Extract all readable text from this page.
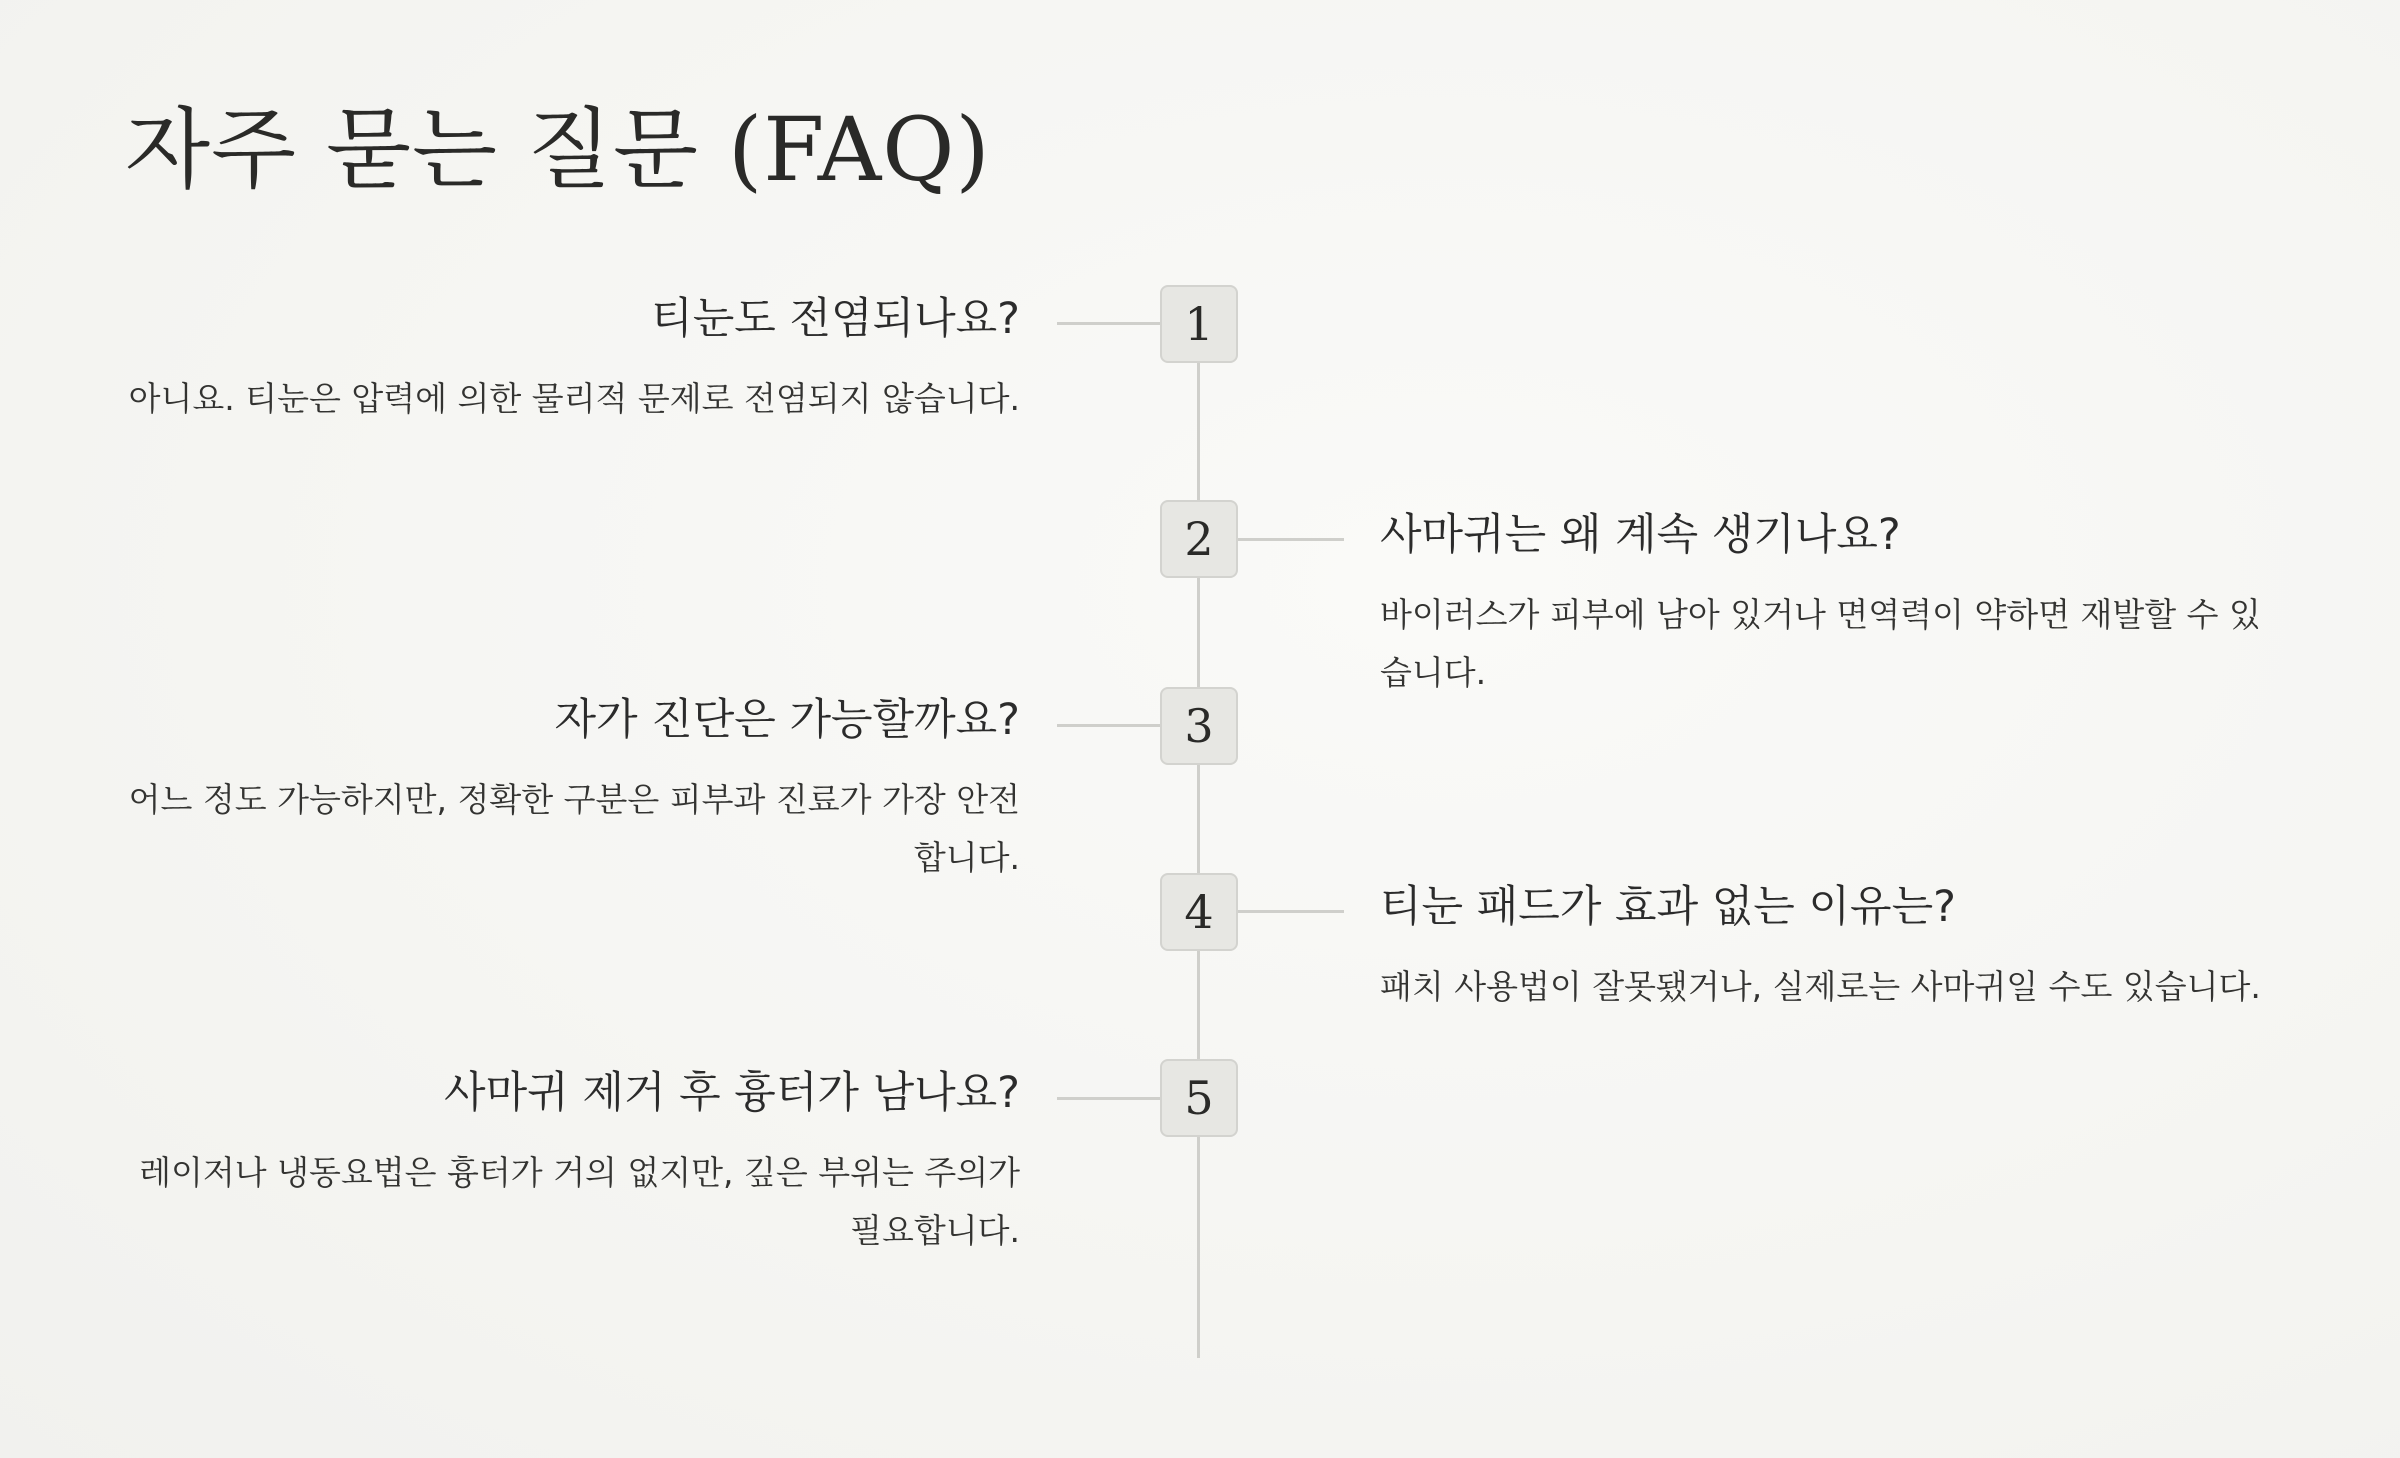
자주 묻는 질문 (FAQ)
1
2
3
4
5
티눈도 전염되나요?

아니요. 티눈은 압력에 의한 물리적 문제로 전염되지 않습니다.

사마귀는 왜 계속 생기나요?

바이러스가 피부에 남아 있거나 면역력이 약하면 재발할 수 있습니다.

자가 진단은 가능할까요?

어느 정도 가능하지만, 정확한 구분은 피부과 진료가 가장 안전합니다.

티눈 패드가 효과 없는 이유는?

패치 사용법이 잘못됐거나, 실제로는 사마귀일 수도 있습니다.

사마귀 제거 후 흉터가 남나요?

레이저나 냉동요법은 흉터가 거의 없지만, 깊은 부위는 주의가 필요합니다.
